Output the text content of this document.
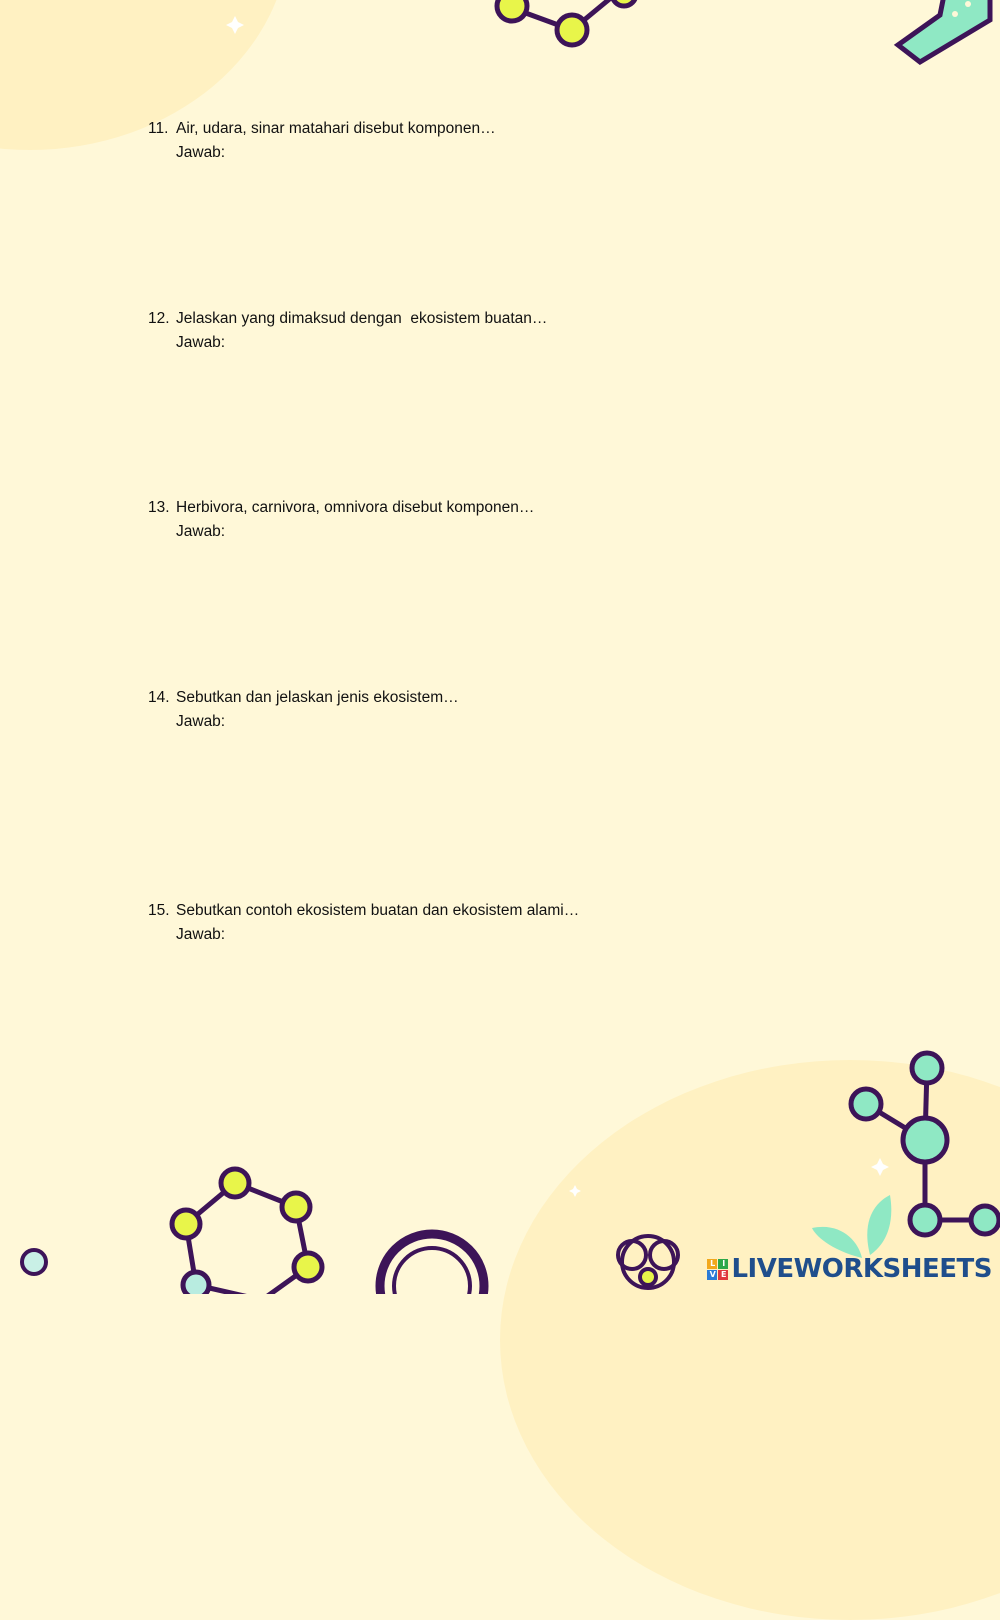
11. Air, udara, sinar matahari disebut komponen…
Jawab:
12. Jelaskan yang dimaksud dengan  ekosistem buatan…
Jawab:
13. Herbivora, carnivora, omnivora disebut komponen…
Jawab:
14. Sebutkan dan jelaskan jenis ekosistem…
Jawab:
15. Sebutkan contoh ekosistem buatan dan ekosistem alami…
Jawab:
L I
V E LIVEWORKSHEETS
